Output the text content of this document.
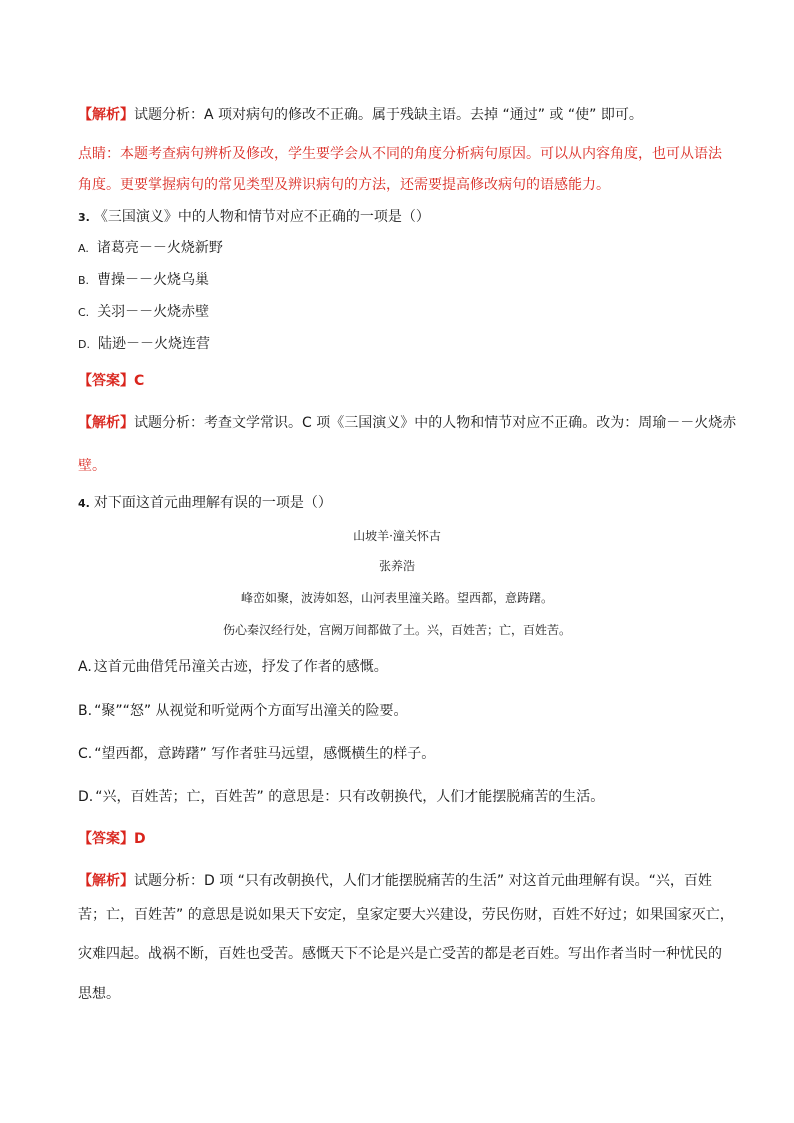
【解析】试题分析：A 项对病句的修改不正确。属于残缺主语。去掉 “通过” 或 “使” 即可。
点睛：本题考查病句辨析及修改，学生要学会从不同的角度分析病句原因。可以从内容角度，也可从语法
角度。更要掌握病句的常见类型及辨识病句的方法，还需要提高修改病句的语感能力。
3. 《三国演义》中的人物和情节对应不正确的一项是（）
A. 诸葛亮－－火烧新野
B. 曹操－－火烧乌巢
C. 关羽－－火烧赤壁
D. 陆逊－－火烧连营
【答案】C
【解析】试题分析：考查文学常识。C 项《三国演义》中的人物和情节对应不正确。改为：周瑜－－火烧赤
壁。
4. 对下面这首元曲理解有误的一项是（）
山坡羊·潼关怀古
张养浩
峰峦如聚，波涛如怒，山河表里潼关路。望西都，意踌躇。
伤心秦汉经行处，宫阙万间都做了土。兴，百姓苦；亡，百姓苦。
A. 这首元曲借凭吊潼关古迹，抒发了作者的感慨。
B. “聚”“怒” 从视觉和听觉两个方面写出潼关的险要。
C. “望西都，意踌躇” 写作者驻马远望，感慨横生的样子。
D. “兴，百姓苦；亡，百姓苦” 的意思是：只有改朝换代，人们才能摆脱痛苦的生活。
【答案】D
【解析】试题分析：D 项 “只有改朝换代，人们才能摆脱痛苦的生活” 对这首元曲理解有误。“兴，百姓
苦；亡，百姓苦” 的意思是说如果天下安定，皇家定要大兴建设，劳民伤财，百姓不好过；如果国家灭亡，
灾难四起。战祸不断，百姓也受苦。感慨天下不论是兴是亡受苦的都是老百姓。写出作者当时一种忧民的
思想。
